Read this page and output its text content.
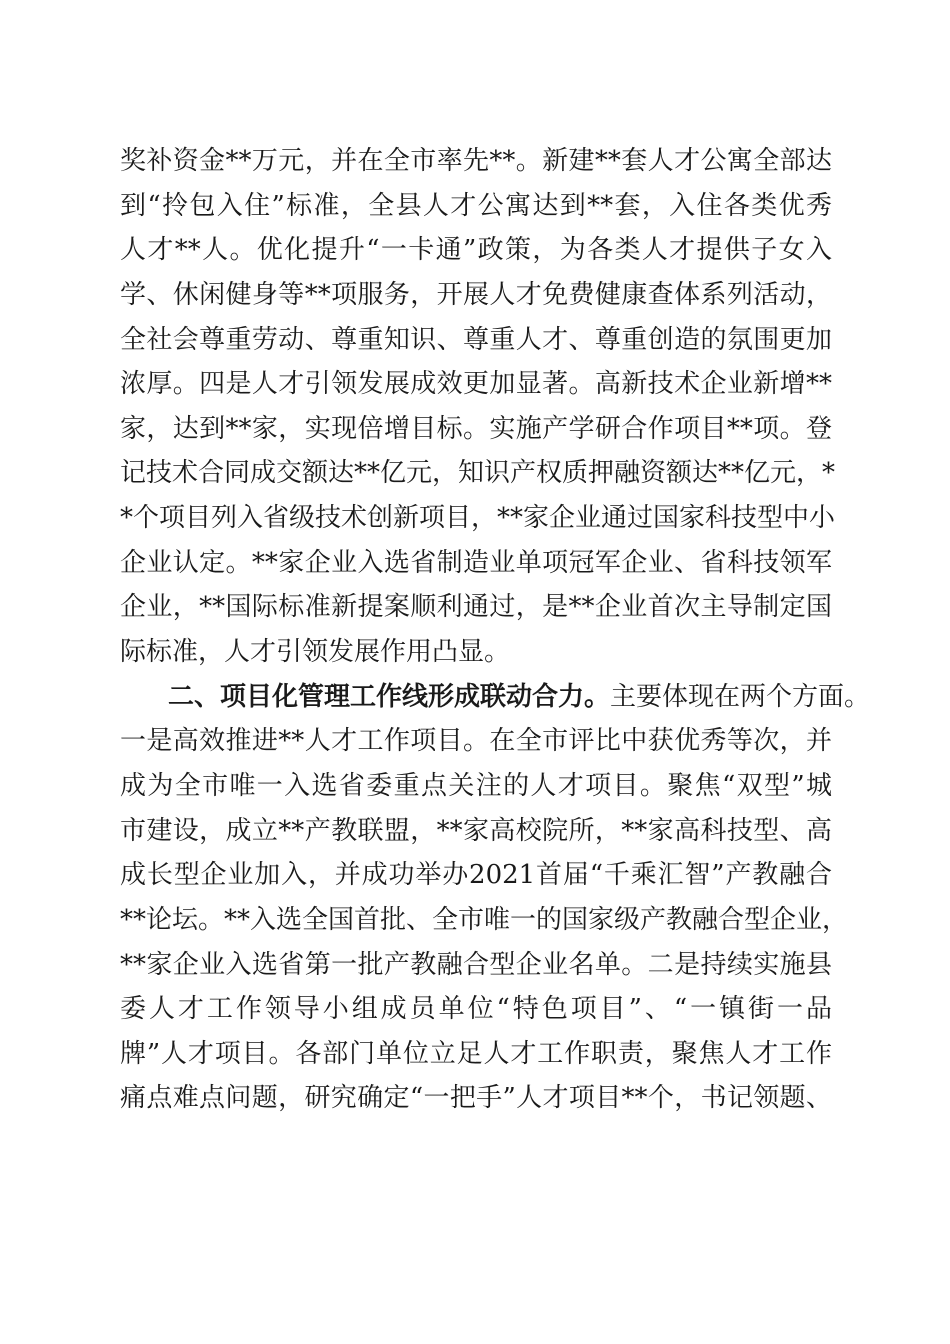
奖补资金**万元，并在全市率先**。新建**套人才公寓全部达
到“拎包入住”标准，全县人才公寓达到**套，入住各类优秀
人才**人。优化提升“一卡通”政策，为各类人才提供子女入
学、休闲健身等**项服务，开展人才免费健康查体系列活动，
全社会尊重劳动、尊重知识、尊重人才、尊重创造的氛围更加
浓厚。四是人才引领发展成效更加显著。高新技术企业新增**
家，达到**家，实现倍增目标。实施产学研合作项目**项。登
记技术合同成交额达**亿元，知识产权质押融资额达**亿元，*
*个项目列入省级技术创新项目，**家企业通过国家科技型中小
企业认定。**家企业入选省制造业单项冠军企业、省科技领军
企业，**国际标准新提案顺利通过，是**企业首次主导制定国
际标准，人才引领发展作用凸显。
二、项目化管理工作线形成联动合力。主要体现在两个方面。
一是高效推进**人才工作项目。在全市评比中获优秀等次，并
成为全市唯一入选省委重点关注的人才项目。聚焦“双型”城
市建设，成立**产教联盟，**家高校院所，**家高科技型、高
成长型企业加入，并成功举办2021首届“千乘汇智”产教融合
**论坛。**入选全国首批、全市唯一的国家级产教融合型企业，
**家企业入选省第一批产教融合型企业名单。二是持续实施县
委人才工作领导小组成员单位“特色项目”、“一镇街一品
牌”人才项目。各部门单位立足人才工作职责，聚焦人才工作
痛点难点问题，研究确定“一把手”人才项目**个，书记领题、
